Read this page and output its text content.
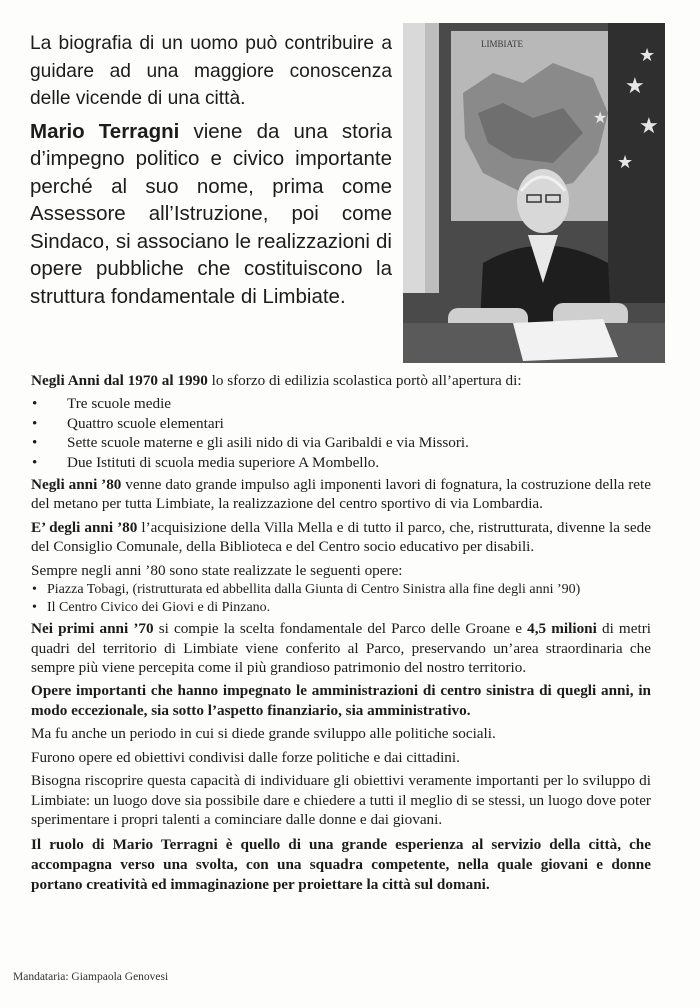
La biografia di un uomo può contribuire a guidare ad una maggiore conoscenza delle vicende di una città.

Mario Terragni viene da una storia d’impegno politico e civico importante perché al suo nome, prima come Assessore all’Istruzione, poi come Sindaco, si associano le realizzazioni di opere pubbliche che costituiscono la struttura fondamentale di Limbiate.

LIMBIATE
★
★
★
★
★

Negli Anni dal 1970 al 1990 lo sforzo di edilizia scolastica portò all’apertura di:

• Tre scuole medie
• Quattro scuole elementari
• Sette scuole materne e gli asili nido di via Garibaldi e via Missori.
• Due Istituti di scuola media superiore A Mombello.

Negli anni ’80 venne dato grande impulso agli imponenti lavori di fognatura, la costruzione della rete del metano per tutta Limbiate, la realizzazione del centro sportivo di via Lombardia.

E’ degli anni ’80 l’acquisizione della Villa Mella e di tutto il parco, che, ristrutturata, divenne la sede del Consiglio Comunale, della Biblioteca e del Centro socio educativo per disabili.

Sempre negli anni ’80 sono state realizzate le seguenti opere:

• Piazza Tobagi, (ristrutturata ed abbellita dalla Giunta di Centro Sinistra alla fine degli anni ’90)
• Il Centro Civico dei Giovi e di Pinzano.

Nei primi anni ’70 si compie la scelta fondamentale del Parco delle Groane e 4,5 milioni di metri quadri del territorio di Limbiate viene conferito al Parco, preservando un’area straordinaria che sempre più viene percepita come il più grandioso patrimonio del nostro territorio.

Opere importanti che hanno impegnato le amministrazioni di centro sinistra di quegli anni, in modo eccezionale, sia sotto l’aspetto finanziario, sia amministrativo.

Ma fu anche un periodo in cui si diede grande sviluppo alle politiche sociali.

Furono opere ed obiettivi condivisi dalle forze politiche e dai cittadini.

Bisogna riscoprire questa capacità di individuare gli obiettivi veramente importanti per lo sviluppo di Limbiate: un luogo dove sia possibile dare e chiedere a tutti il meglio di se stessi, un luogo dove poter sperimentare i propri talenti a cominciare dalle donne e dai giovani.

Il ruolo di Mario Terragni è quello di una grande esperienza al servizio della città, che accompagna verso una svolta, con una squadra competente, nella quale giovani e donne portano creatività ed immaginazione per proiettare la città sul domani.

Mandataria: Giampaola Genovesi
